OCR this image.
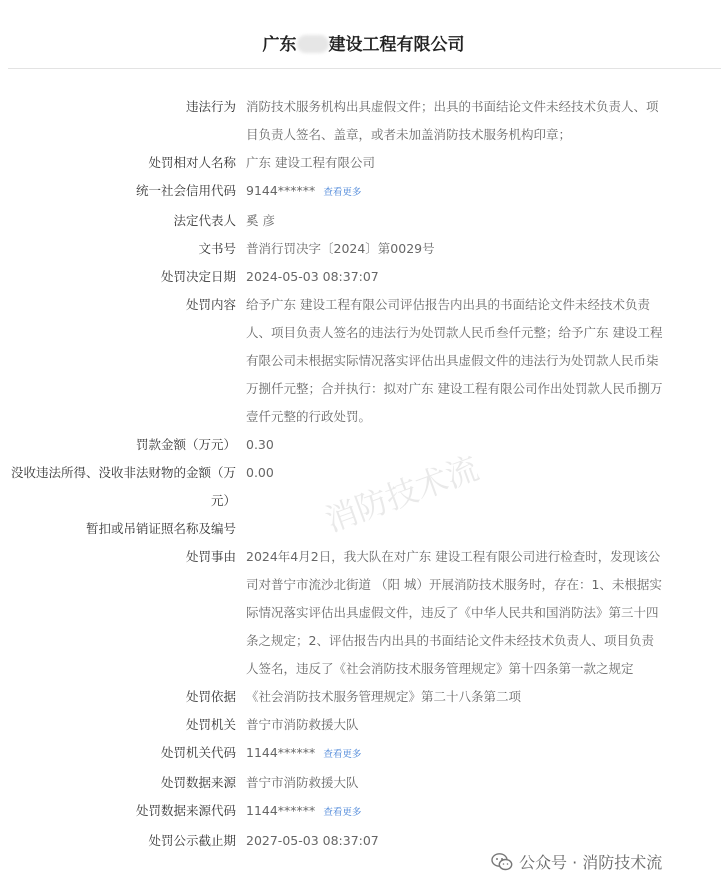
广东 建设工程有限公司
违法行为 消防技术服务机构出具虚假文件；出具的书面结论文件未经技术负责人、项目负责人签名、盖章，或者未加盖消防技术服务机构印章；
处罚相对人名称 广东 建设工程有限公司
统一社会信用代码 9144****** 查看更多
法定代表人 奚 彦
文书号 普消行罚决字〔2024〕第0029号
处罚决定日期 2024-05-03 08:37:07
处罚内容 给予广东 建设工程有限公司评估报告内出具的书面结论文件未经技术负责人、项目负责人签名的违法行为处罚款人民币叁仟元整；给予广东 建设工程有限公司未根据实际情况落实评估出具虚假文件的违法行为处罚款人民币柒万捌仟元整；合并执行：拟对广东 建设工程有限公司作出处罚款人民币捌万壹仟元整的行政处罚。
罚款金额（万元） 0.30
没收违法所得、没收非法财物的金额（万元）
0.00
暂扣或吊销证照名称及编号
处罚事由 2024年4月2日，我大队在对广东 建设工程有限公司进行检查时，发现该公司对普宁市流沙北街道 （阳 城）开展消防技术服务时，存在：1、未根据实际情况落实评估出具虚假文件，违反了《中华人民共和国消防法》第三十四条之规定；2、评估报告内出具的书面结论文件未经技术负责人、项目负责人签名，违反了《社会消防技术服务管理规定》第十四条第一款之规定
处罚依据 《社会消防技术服务管理规定》第二十八条第二项
处罚机关 普宁市消防救援大队
处罚机关代码 1144****** 查看更多
处罚数据来源 普宁市消防救援大队
处罚数据来源代码 1144****** 查看更多
处罚公示截止期 2027-05-03 08:37:07
消防技术流
公众号 · 消防技术流
